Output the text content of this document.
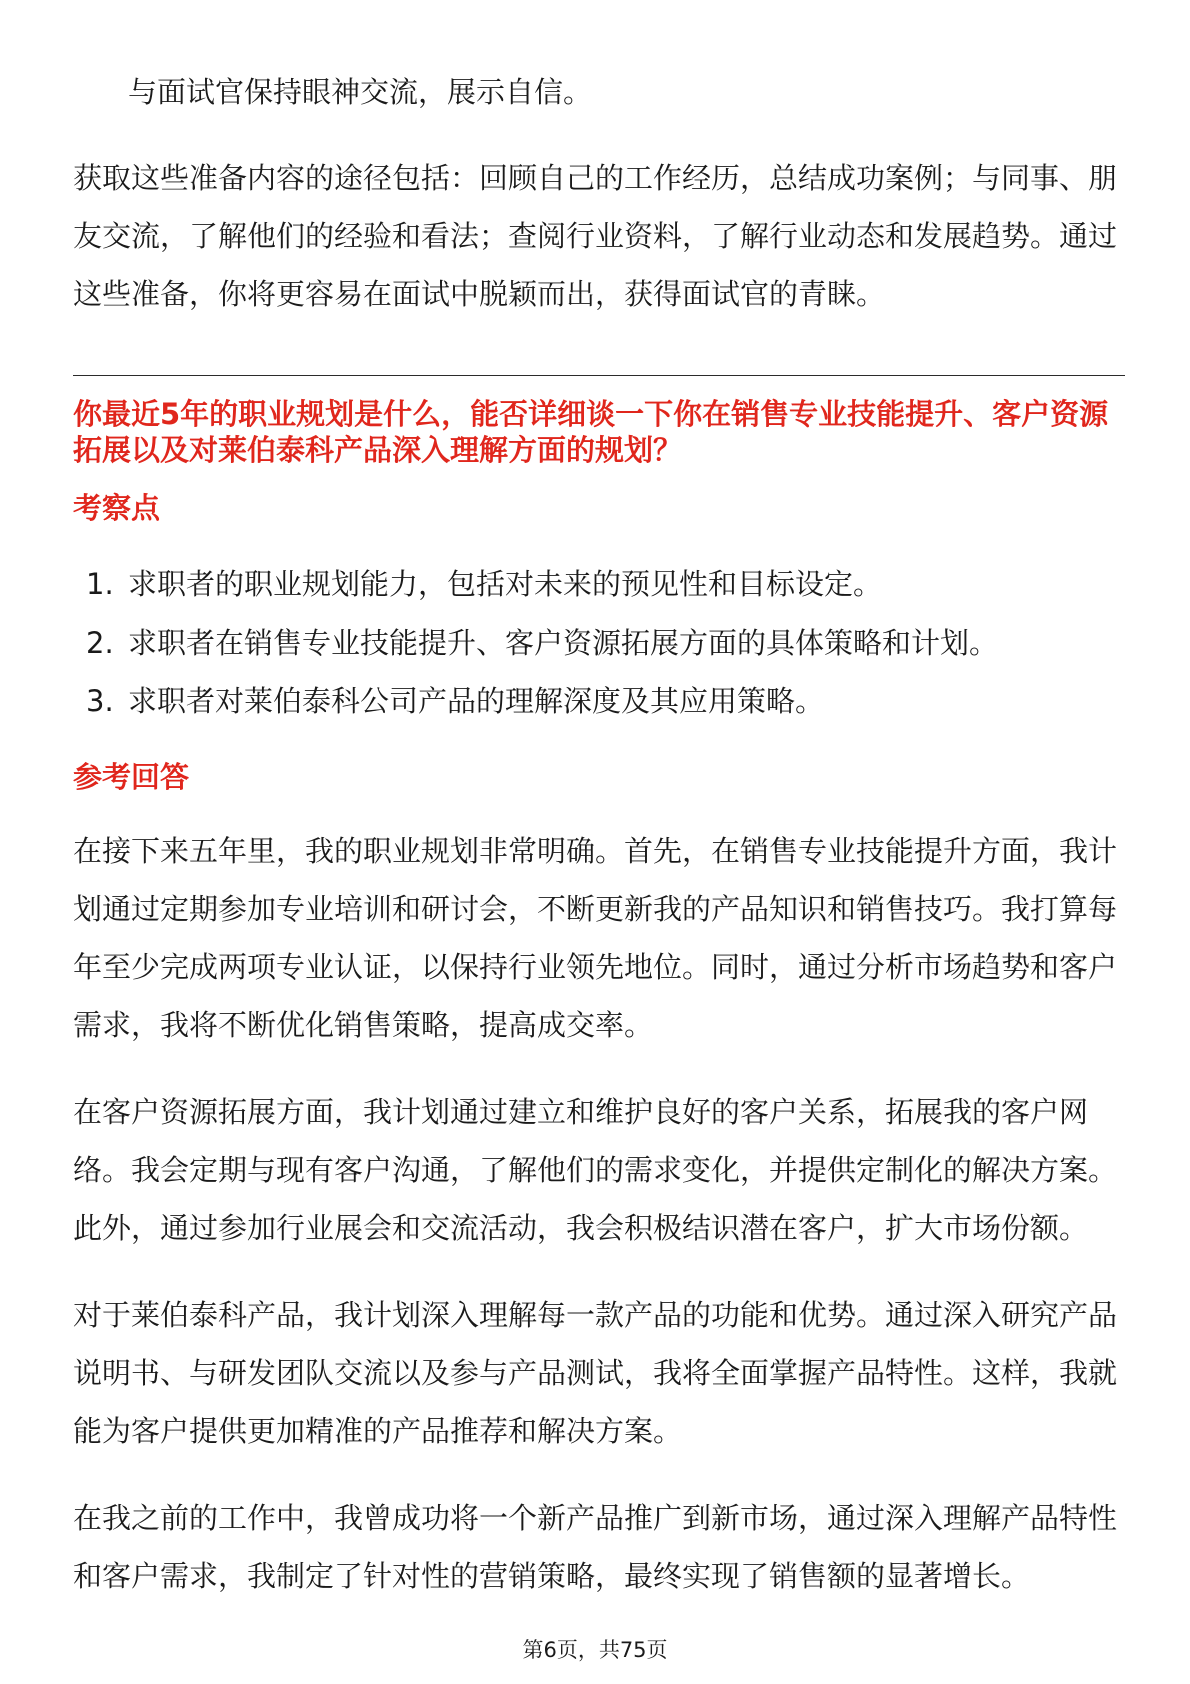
与面试官保持眼神交流，展示自信。
获取这些准备内容的途径包括：回顾自己的工作经历，总结成功案例；与同事、朋
友交流，了解他们的经验和看法；查阅行业资料，了解行业动态和发展趋势。通过
这些准备，你将更容易在面试中脱颖而出，获得面试官的青睐。
你最近5年的职业规划是什么，能否详细谈一下你在销售专业技能提升、客户资源
拓展以及对莱伯泰科产品深入理解方面的规划？
考察点
1. 求职者的职业规划能力，包括对未来的预见性和目标设定。
2. 求职者在销售专业技能提升、客户资源拓展方面的具体策略和计划。
3. 求职者对莱伯泰科公司产品的理解深度及其应用策略。
参考回答
在接下来五年里，我的职业规划非常明确。首先，在销售专业技能提升方面，我计
划通过定期参加专业培训和研讨会，不断更新我的产品知识和销售技巧。我打算每
年至少完成两项专业认证，以保持行业领先地位。同时，通过分析市场趋势和客户
需求，我将不断优化销售策略，提高成交率。
在客户资源拓展方面，我计划通过建立和维护良好的客户关系，拓展我的客户网
络。我会定期与现有客户沟通，了解他们的需求变化，并提供定制化的解决方案。
此外，通过参加行业展会和交流活动，我会积极结识潜在客户，扩大市场份额。
对于莱伯泰科产品，我计划深入理解每一款产品的功能和优势。通过深入研究产品
说明书、与研发团队交流以及参与产品测试，我将全面掌握产品特性。这样，我就
能为客户提供更加精准的产品推荐和解决方案。
在我之前的工作中，我曾成功将一个新产品推广到新市场，通过深入理解产品特性
和客户需求，我制定了针对性的营销策略，最终实现了销售额的显著增长。
第6页，共75页
